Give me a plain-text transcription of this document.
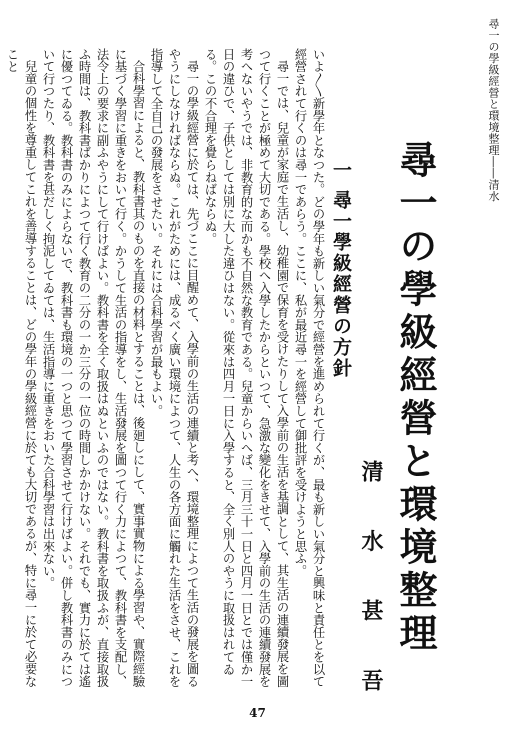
尋一の學級經營と環境整理――清水
尋一の學級經營と環境整理
清 水 甚 吾
一 尋一學級經營の方針

いよ〳〵新學年となつた。どの學年も新しい氣分で經營を進められて行くが、最も新しい氣分と興味と責任とを以て經營されて行くのは尋一であらう。ここに、私が最近尋一を經營して御批評を受けようと思ふ。

尋一では、兒童が家庭で生活し、幼稚園で保育を受けたりして入學前の生活を基調として、其生活の連續發展を圖つて行くことが極めて大切である。學校へ入學したからといつて、急激な變化をきせて、入學前の生活の連續發展を考へないやうでは、非教育的な而かも不自然な教育である。兒童からいへば、三月三十一日と四月一日とでは僅か一日の違ひで、子供としては別に大した違ひはない。從來は四月一日に入學すると、全く別人のやうに取扱はれてゐる。この不合理を覺らねばならぬ。

尋一の學級經營に於ては、先づここに目醒めて、入學前の生活の連續と考へ、環境整理によつて生活の發展を圖るやうにしなければならぬ。これがためには、成るべく廣い環境によつて、人生の各方面に觸れた生活をさせ、これを指導して全自己の發展をさせたい。それには合科學習が最もよい。

合科學習によると、教科書其のものを直接の材料とすることは、後廻しにして、實事實物による學習や、實際經驗に基づく學習に重きをおいて行く。かうして生活の指導をし、生活發展を圖つて行く力によつて、教科書を支配し、法令上の要求に副ふやうにして行けばよい。教科書を全く取扱はぬといふのではない。教科書を取扱ふが、直接取扱ふ時間は、教科書ばかりによつて行く教育の二分の一か三分の一位の時間しかかけない。それでも、實力に於ては遙に優つてゐる。教科書のみによらないで、教科書も環境の一つと思つて學習させて行けばよい。併し教科書のみについて行つたり、教科書を甚だしく拘泥してゐては、生活指導に重きをおいた合科學習は出來ない。

兒童の個性を尊重してこれを善導することは、どの學年の學級經營に於ても大切であるが、特に尋一に於て必要なこと

47
